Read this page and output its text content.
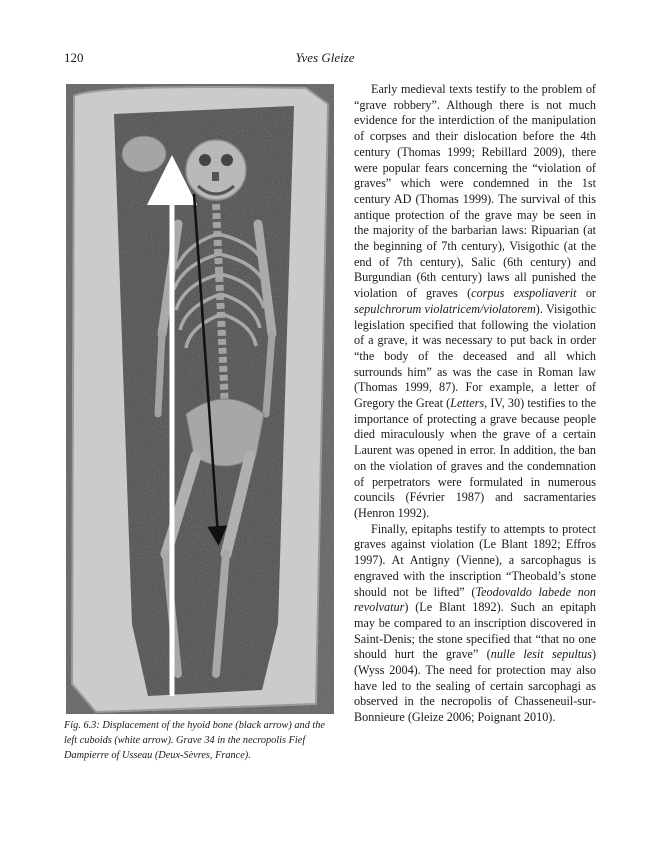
120	Yves Gleize
Fig. 6.3: Displacement of the hyoid bone (black arrow) and the left cuboids (white arrow). Grave 34 in the necropolis Fief Dampierre of Usseau (Deux-Sèvres, France).

Early medieval texts testify to the problem of “grave robbery”. Although there is not much evidence for the interdiction of the manipulation of corpses and their dislocation before the 4th century (Thomas 1999; Rebillard 2009), there were popular fears concerning the “violation of graves” which were condemned in the 1st century AD (Thomas 1999). The survival of this antique protection of the grave may be seen in the majority of the barbarian laws: Ripuarian (at the beginning of 7th century), Visigothic (at the end of 7th century), Salic (6th century) and Burgundian (6th century) laws all punished the violation of graves (corpus exspoliaverit or sepulchrorum violatricem/violatorem). Visigothic legislation specified that following the violation of a grave, it was necessary to put back in order “the body of the deceased and all which surrounds him” as was the case in Roman law (Thomas 1999, 87). For example, a letter of Gregory the Great (Letters, IV, 30) testifies to the importance of protecting a grave because people died miraculously when the grave of a certain Laurent was opened in error. In addition, the ban on the violation of graves and the condemnation of perpetrators were formulated in numerous councils (Février 1987) and sacramentaries (Henron 1992).

Finally, epitaphs testify to attempts to protect graves against violation (Le Blant 1892; Effros 1997). At Antigny (Vienne), a sarcophagus is engraved with the inscription “Theobald’s stone should not be lifted” (Teodovaldo labede non revolvatur) (Le Blant 1892). Such an epitaph may be compared to an inscription discovered in Saint-Denis; the stone specified that “that no one should hurt the grave” (nulle lesit sepultus) (Wyss 2004). The need for protection may also have led to the sealing of certain sarcophagi as observed in the necropolis of Chasseneuil-sur-Bonnieure (Gleize 2006; Poignant 2010).
